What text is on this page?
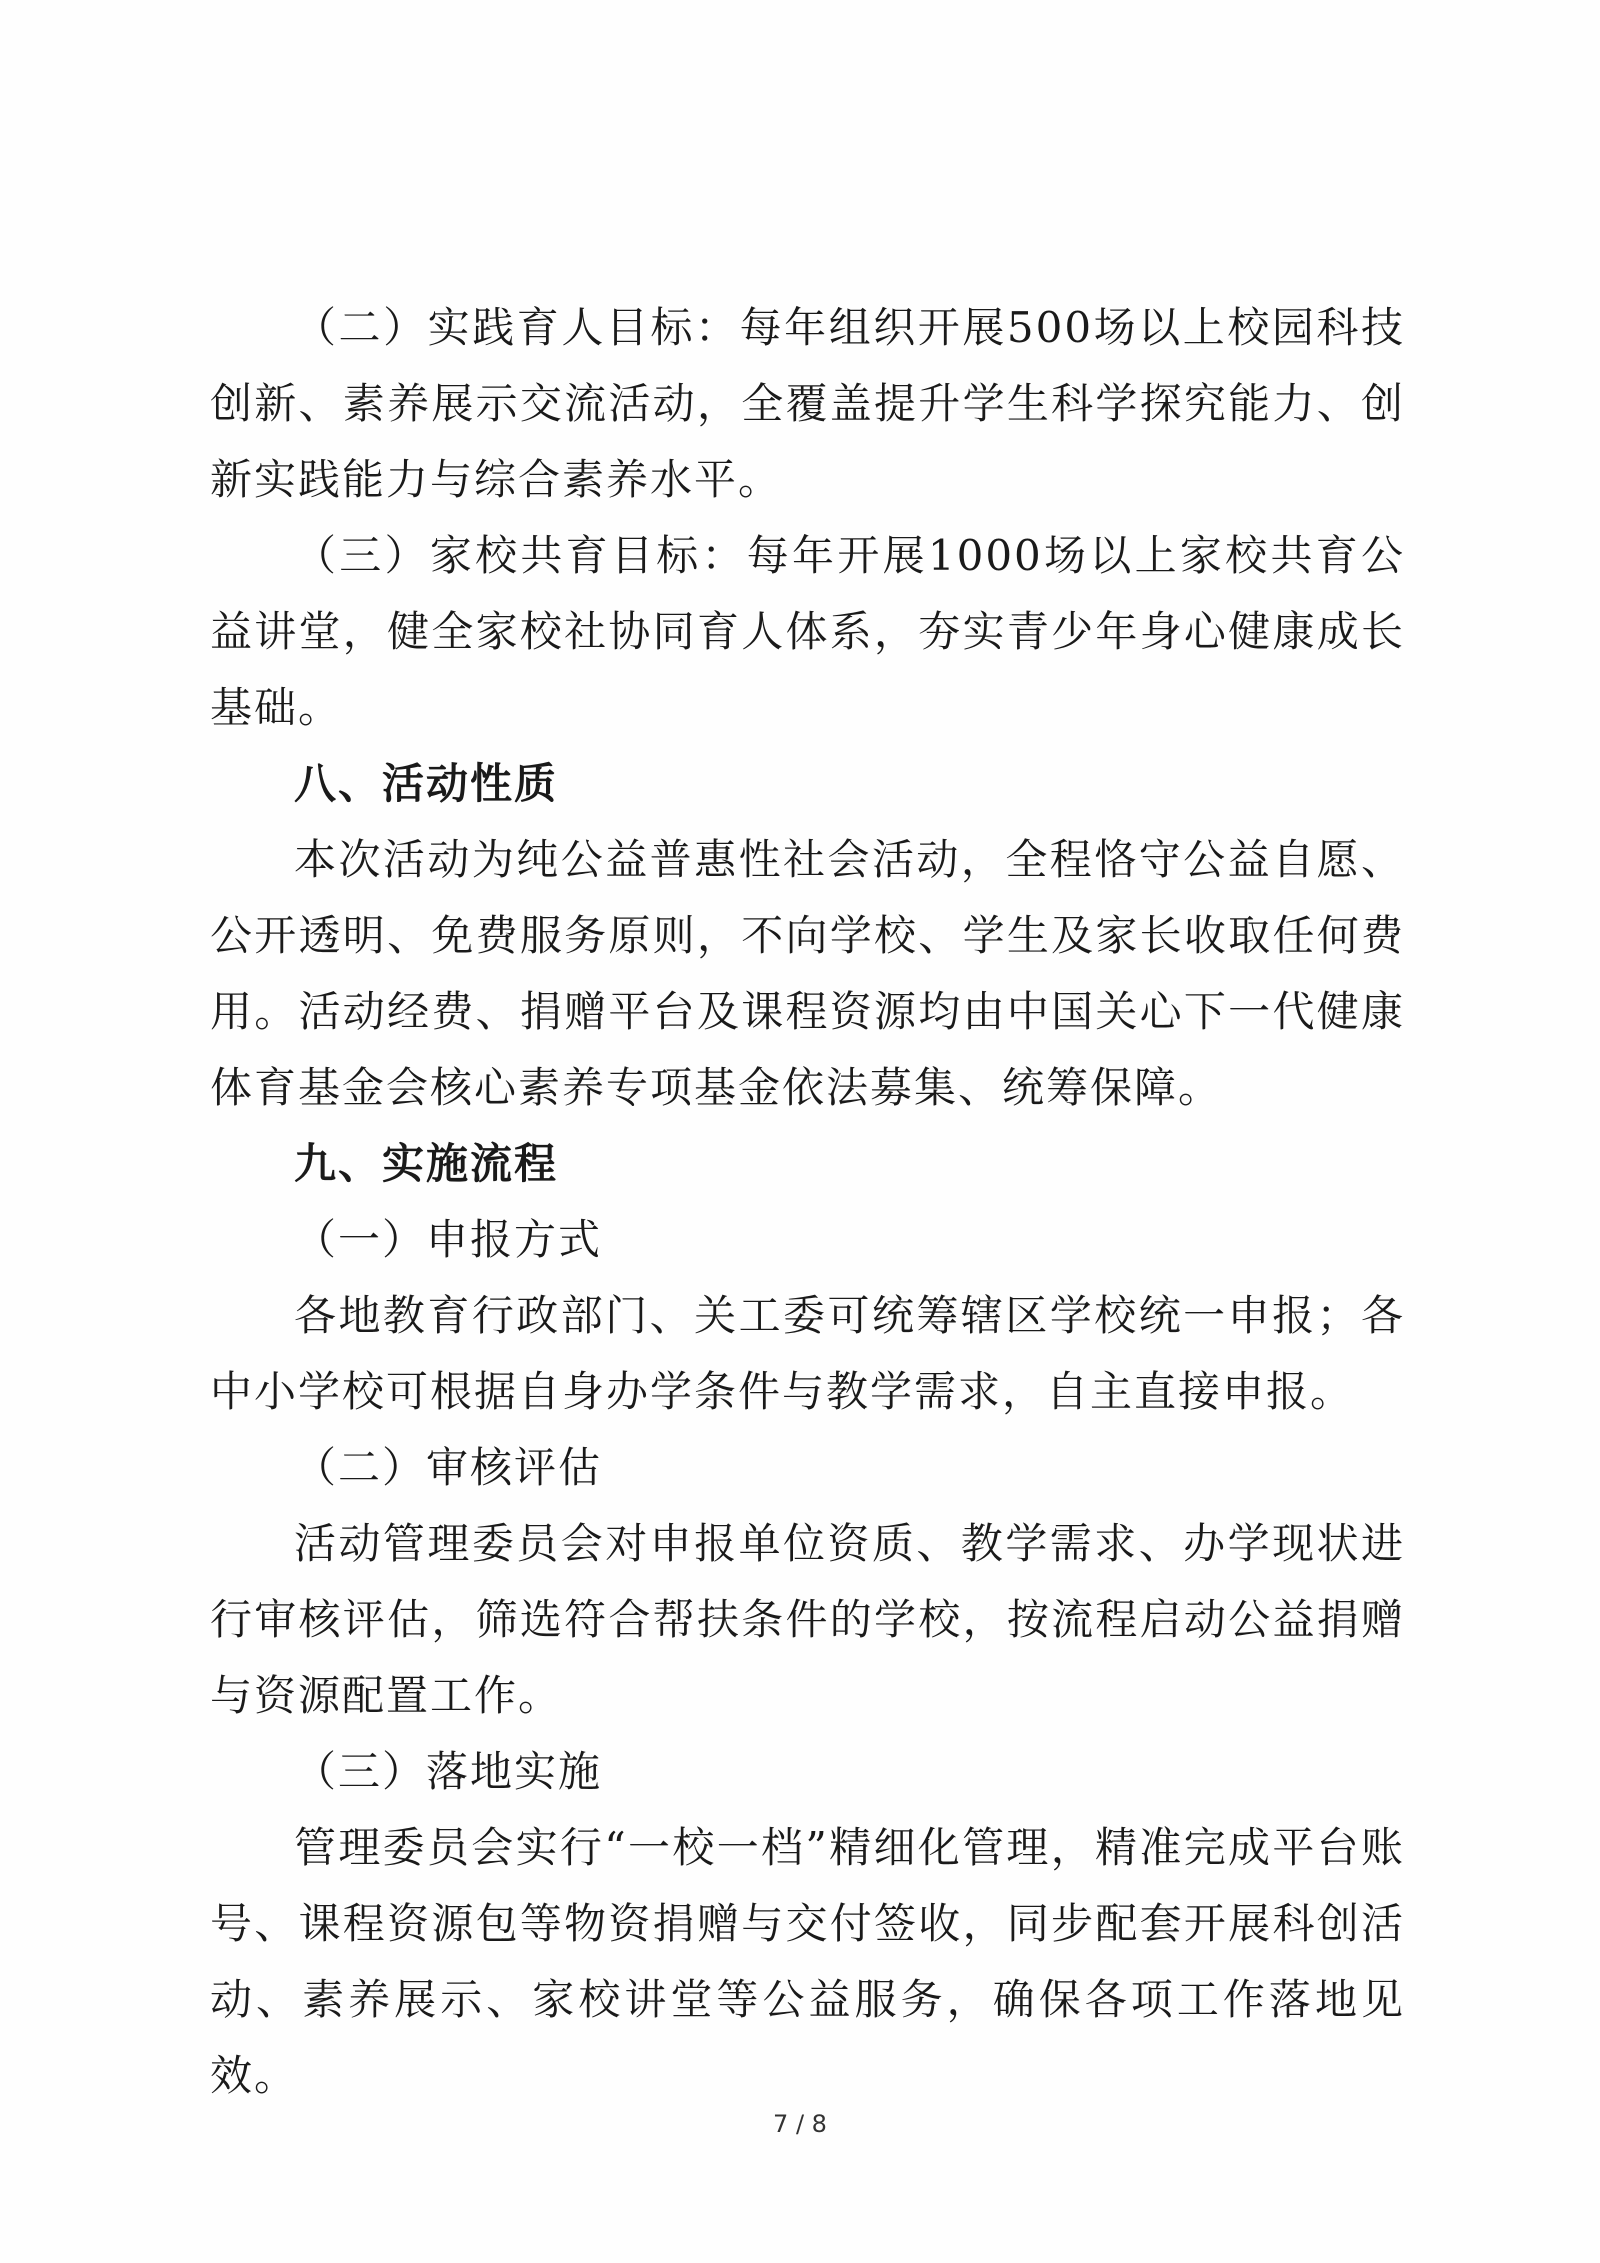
（二）实践育人目标：每年组织开展500场以上校园科技创新、素养展示交流活动，全覆盖提升学生科学探究能力、创新实践能力与综合素养水平。

（三）家校共育目标：每年开展1000场以上家校共育公益讲堂，健全家校社协同育人体系，夯实青少年身心健康成长基础。

八、活动性质

本次活动为纯公益普惠性社会活动，全程恪守公益自愿、公开透明、免费服务原则，不向学校、学生及家长收取任何费用。活动经费、捐赠平台及课程资源均由中国关心下一代健康体育基金会核心素养专项基金依法募集、统筹保障。

九、实施流程

（一）申报方式

各地教育行政部门、关工委可统筹辖区学校统一申报；各中小学校可根据自身办学条件与教学需求，自主直接申报。

（二）审核评估

活动管理委员会对申报单位资质、教学需求、办学现状进行审核评估，筛选符合帮扶条件的学校，按流程启动公益捐赠与资源配置工作。

（三）落地实施

管理委员会实行“一校一档”精细化管理，精准完成平台账号、课程资源包等物资捐赠与交付签收，同步配套开展科创活动、素养展示、家校讲堂等公益服务，确保各项工作落地见效。

7 / 8
